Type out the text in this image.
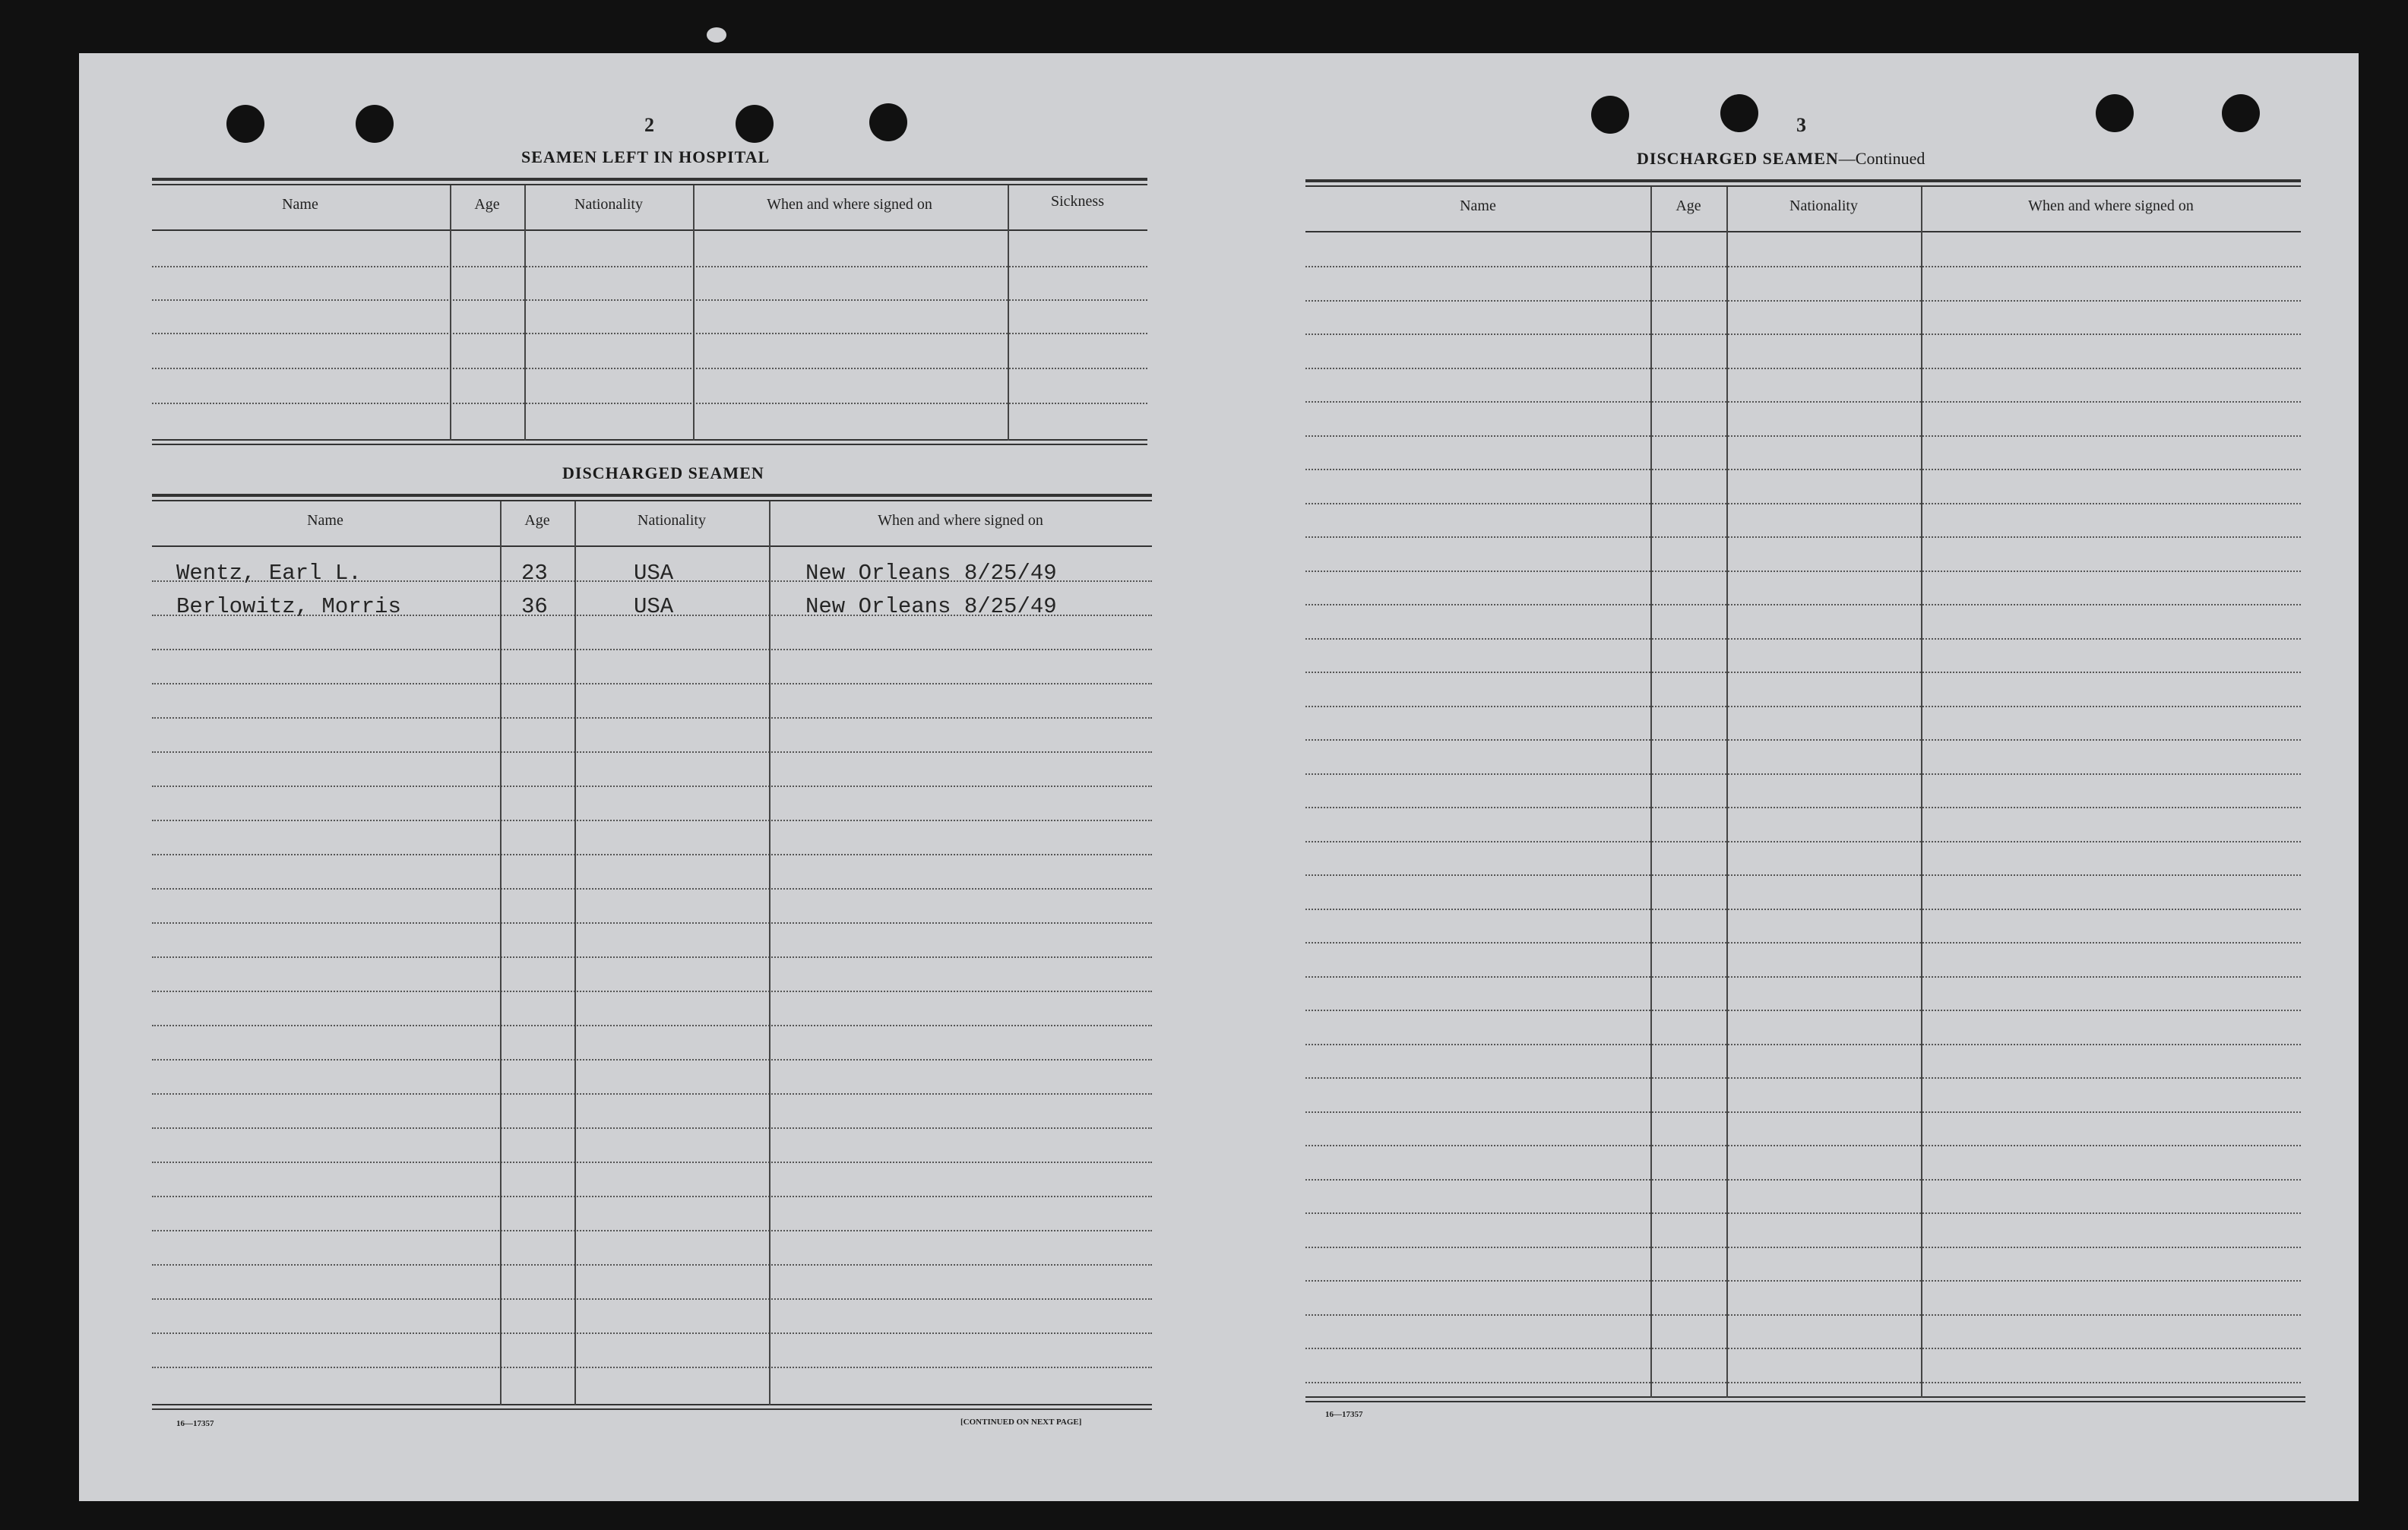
2
SEAMEN LEFT IN HOSPITAL
Name	Age	Nationality	When and where signed on	Sickness
DISCHARGED SEAMEN
Name	Age	Nationality	When and where signed on
Wentz, Earl L.	23	USA	New Orleans 8/25/49
Berlowitz, Morris	36	USA	New Orleans 8/25/49
16—17357	[CONTINUED ON NEXT PAGE]
3
DISCHARGED SEAMEN—Continued
Name	Age	Nationality	When and where signed on
16—17357
